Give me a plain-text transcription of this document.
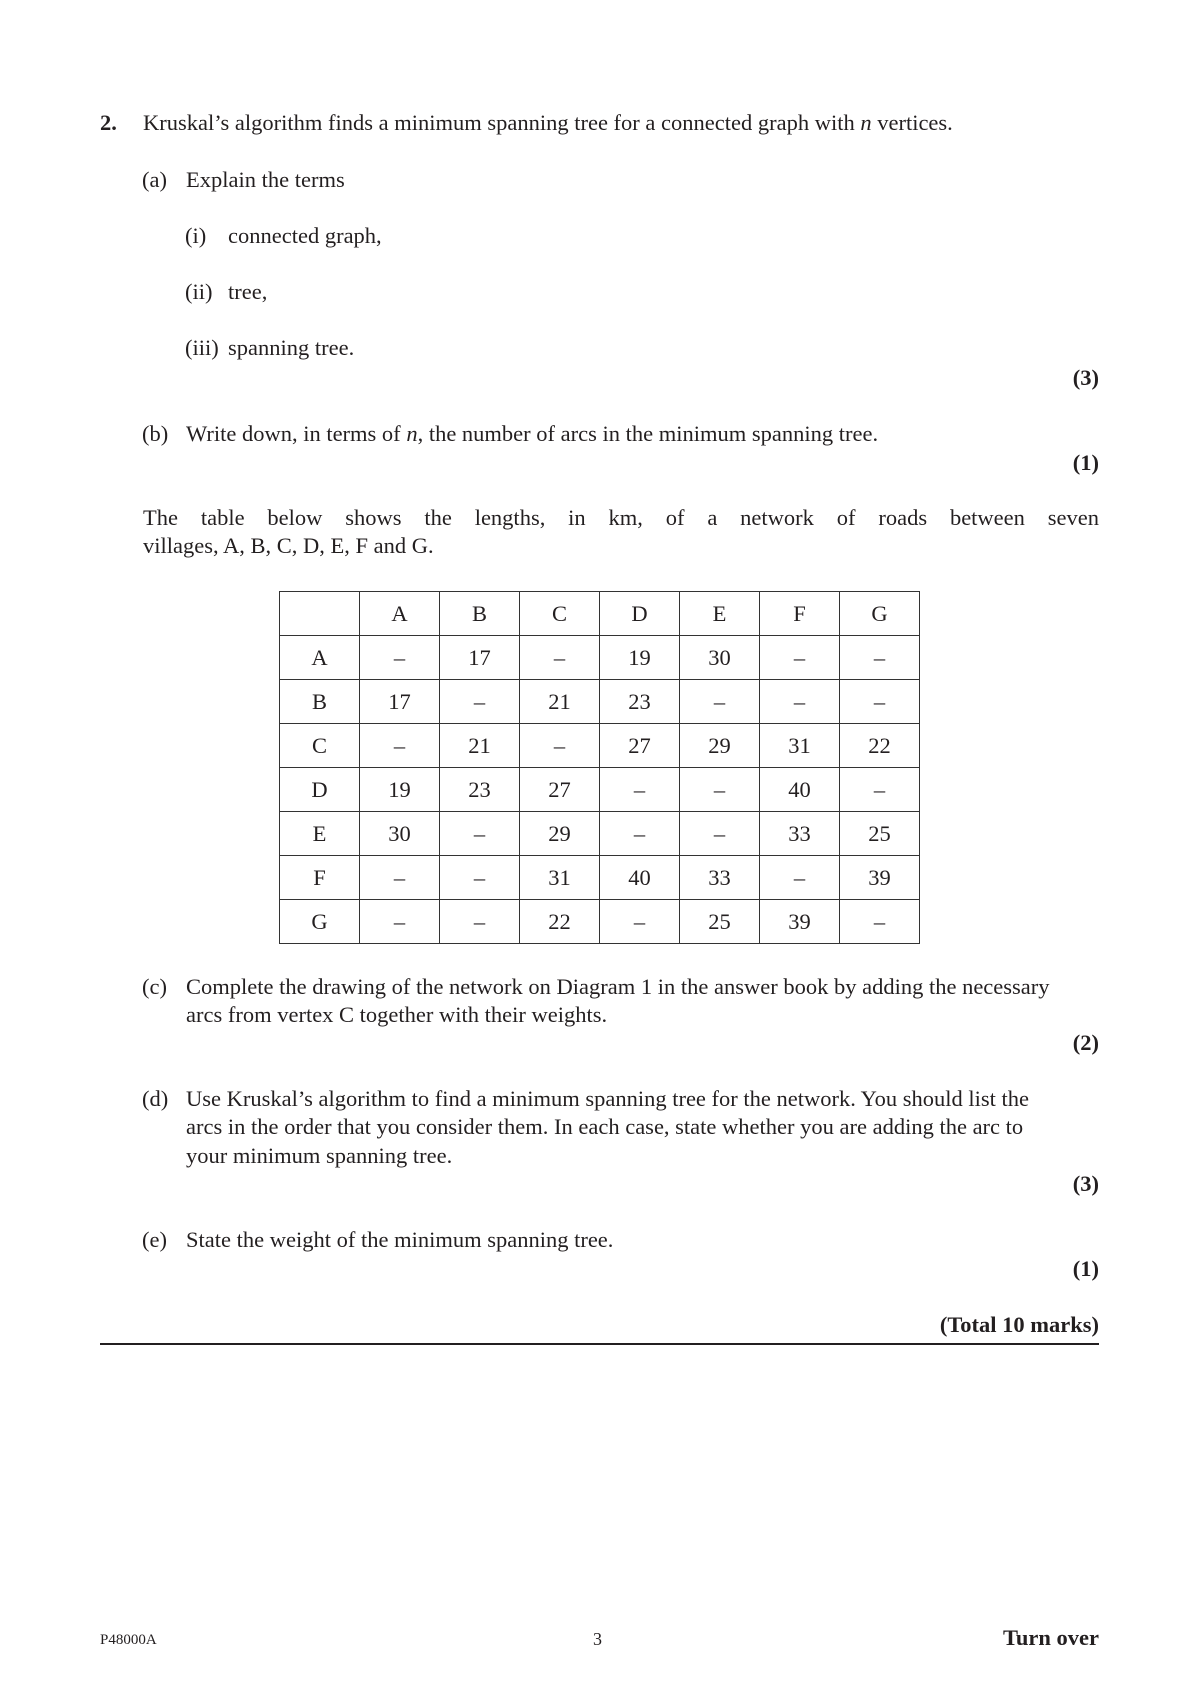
2. Kruskal’s algorithm finds a minimum spanning tree for a connected graph with n vertices.
(a) Explain the terms
(i) connected graph,
(ii) tree,
(iii) spanning tree.
(3)
(b) Write down, in terms of n, the number of arcs in the minimum spanning tree.
(1)
The table below shows the lengths, in km, of a network of roads between seven
villages, A, B, C, D, E, F and G.
	A	B	C	D	E	F	G
A	–	17	–	19	30	–	–
B	17	–	21	23	–	–	–
C	–	21	–	27	29	31	22
D	19	23	27	–	–	40	–
E	30	–	29	–	–	33	25
F	–	–	31	40	33	–	39
G	–	–	22	–	25	39	–
(c) Complete the drawing of the network on Diagram 1 in the answer book by adding the necessary
arcs from vertex C together with their weights.
(2)
(d) Use Kruskal’s algorithm to find a minimum spanning tree for the network. You should list the
arcs in the order that you consider them. In each case, state whether you are adding the arc to
your minimum spanning tree.
(3)
(e) State the weight of the minimum spanning tree.
(1)
(Total 10 marks)
P48000A	3	Turn over
